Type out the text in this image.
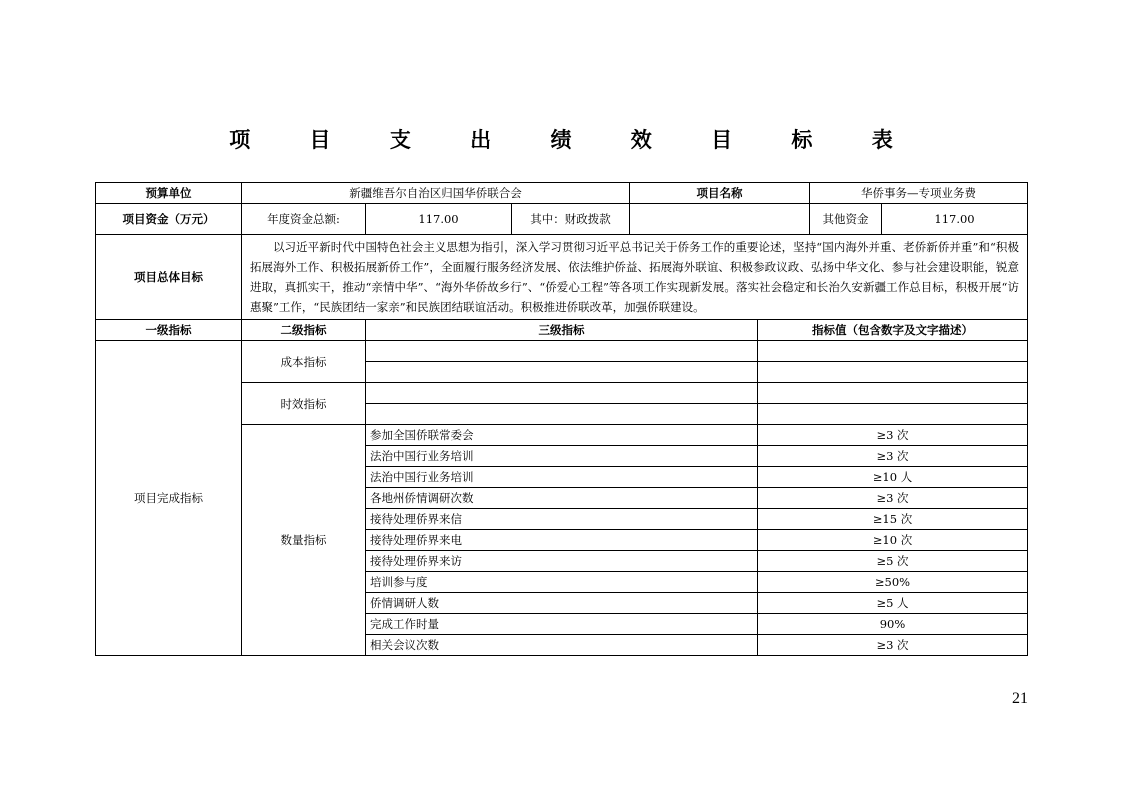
项 目 支 出 绩 效 目 标 表
预算单位	新疆维吾尔自治区归国华侨联合会			项目名称		华侨事务—专项业务费	
项目资金（万元）	年度资金总额:	117.00	其中：财政拨款			其他资金	117.00
项目总体目标	以习近平新时代中国特色社会主义思想为指引，深入学习贯彻习近平总书记关于侨务工作的重要论述，坚持“国内海外并重、老侨新侨并重”和“积极拓展海外工作、积极拓展新侨工作”，全面履行服务经济发展、依法维护侨益、拓展海外联谊、积极参政议政、弘扬中华文化、参与社会建设职能，锐意进取，真抓实干，推动“亲情中华”、“海外华侨故乡行”、“侨爱心工程”等各项工作实现新发展。落实社会稳定和长治久安新疆工作总目标，积极开展“访惠聚”工作，“民族团结一家亲”和民族团结联谊活动。积极推进侨联改革，加强侨联建设。						
一级指标	二级指标	三级指标			指标值（包含数字及文字描述）		
项目完成指标	成本指标						

	时效指标						

	数量指标	参加全国侨联常委会			≥3 次		
		法治中国行业务培训			≥3 次		
		法治中国行业务培训			≥10 人		
		各地州侨情调研次数			≥3 次		
		接待处理侨界来信			≥15 次		
		接待处理侨界来电			≥10 次		
		接待处理侨界来访			≥5 次		
		培训参与度			≥50%		
		侨情调研人数			≥5 人		
		完成工作时量			90%		
		相关会议次数			≥3 次		
21
